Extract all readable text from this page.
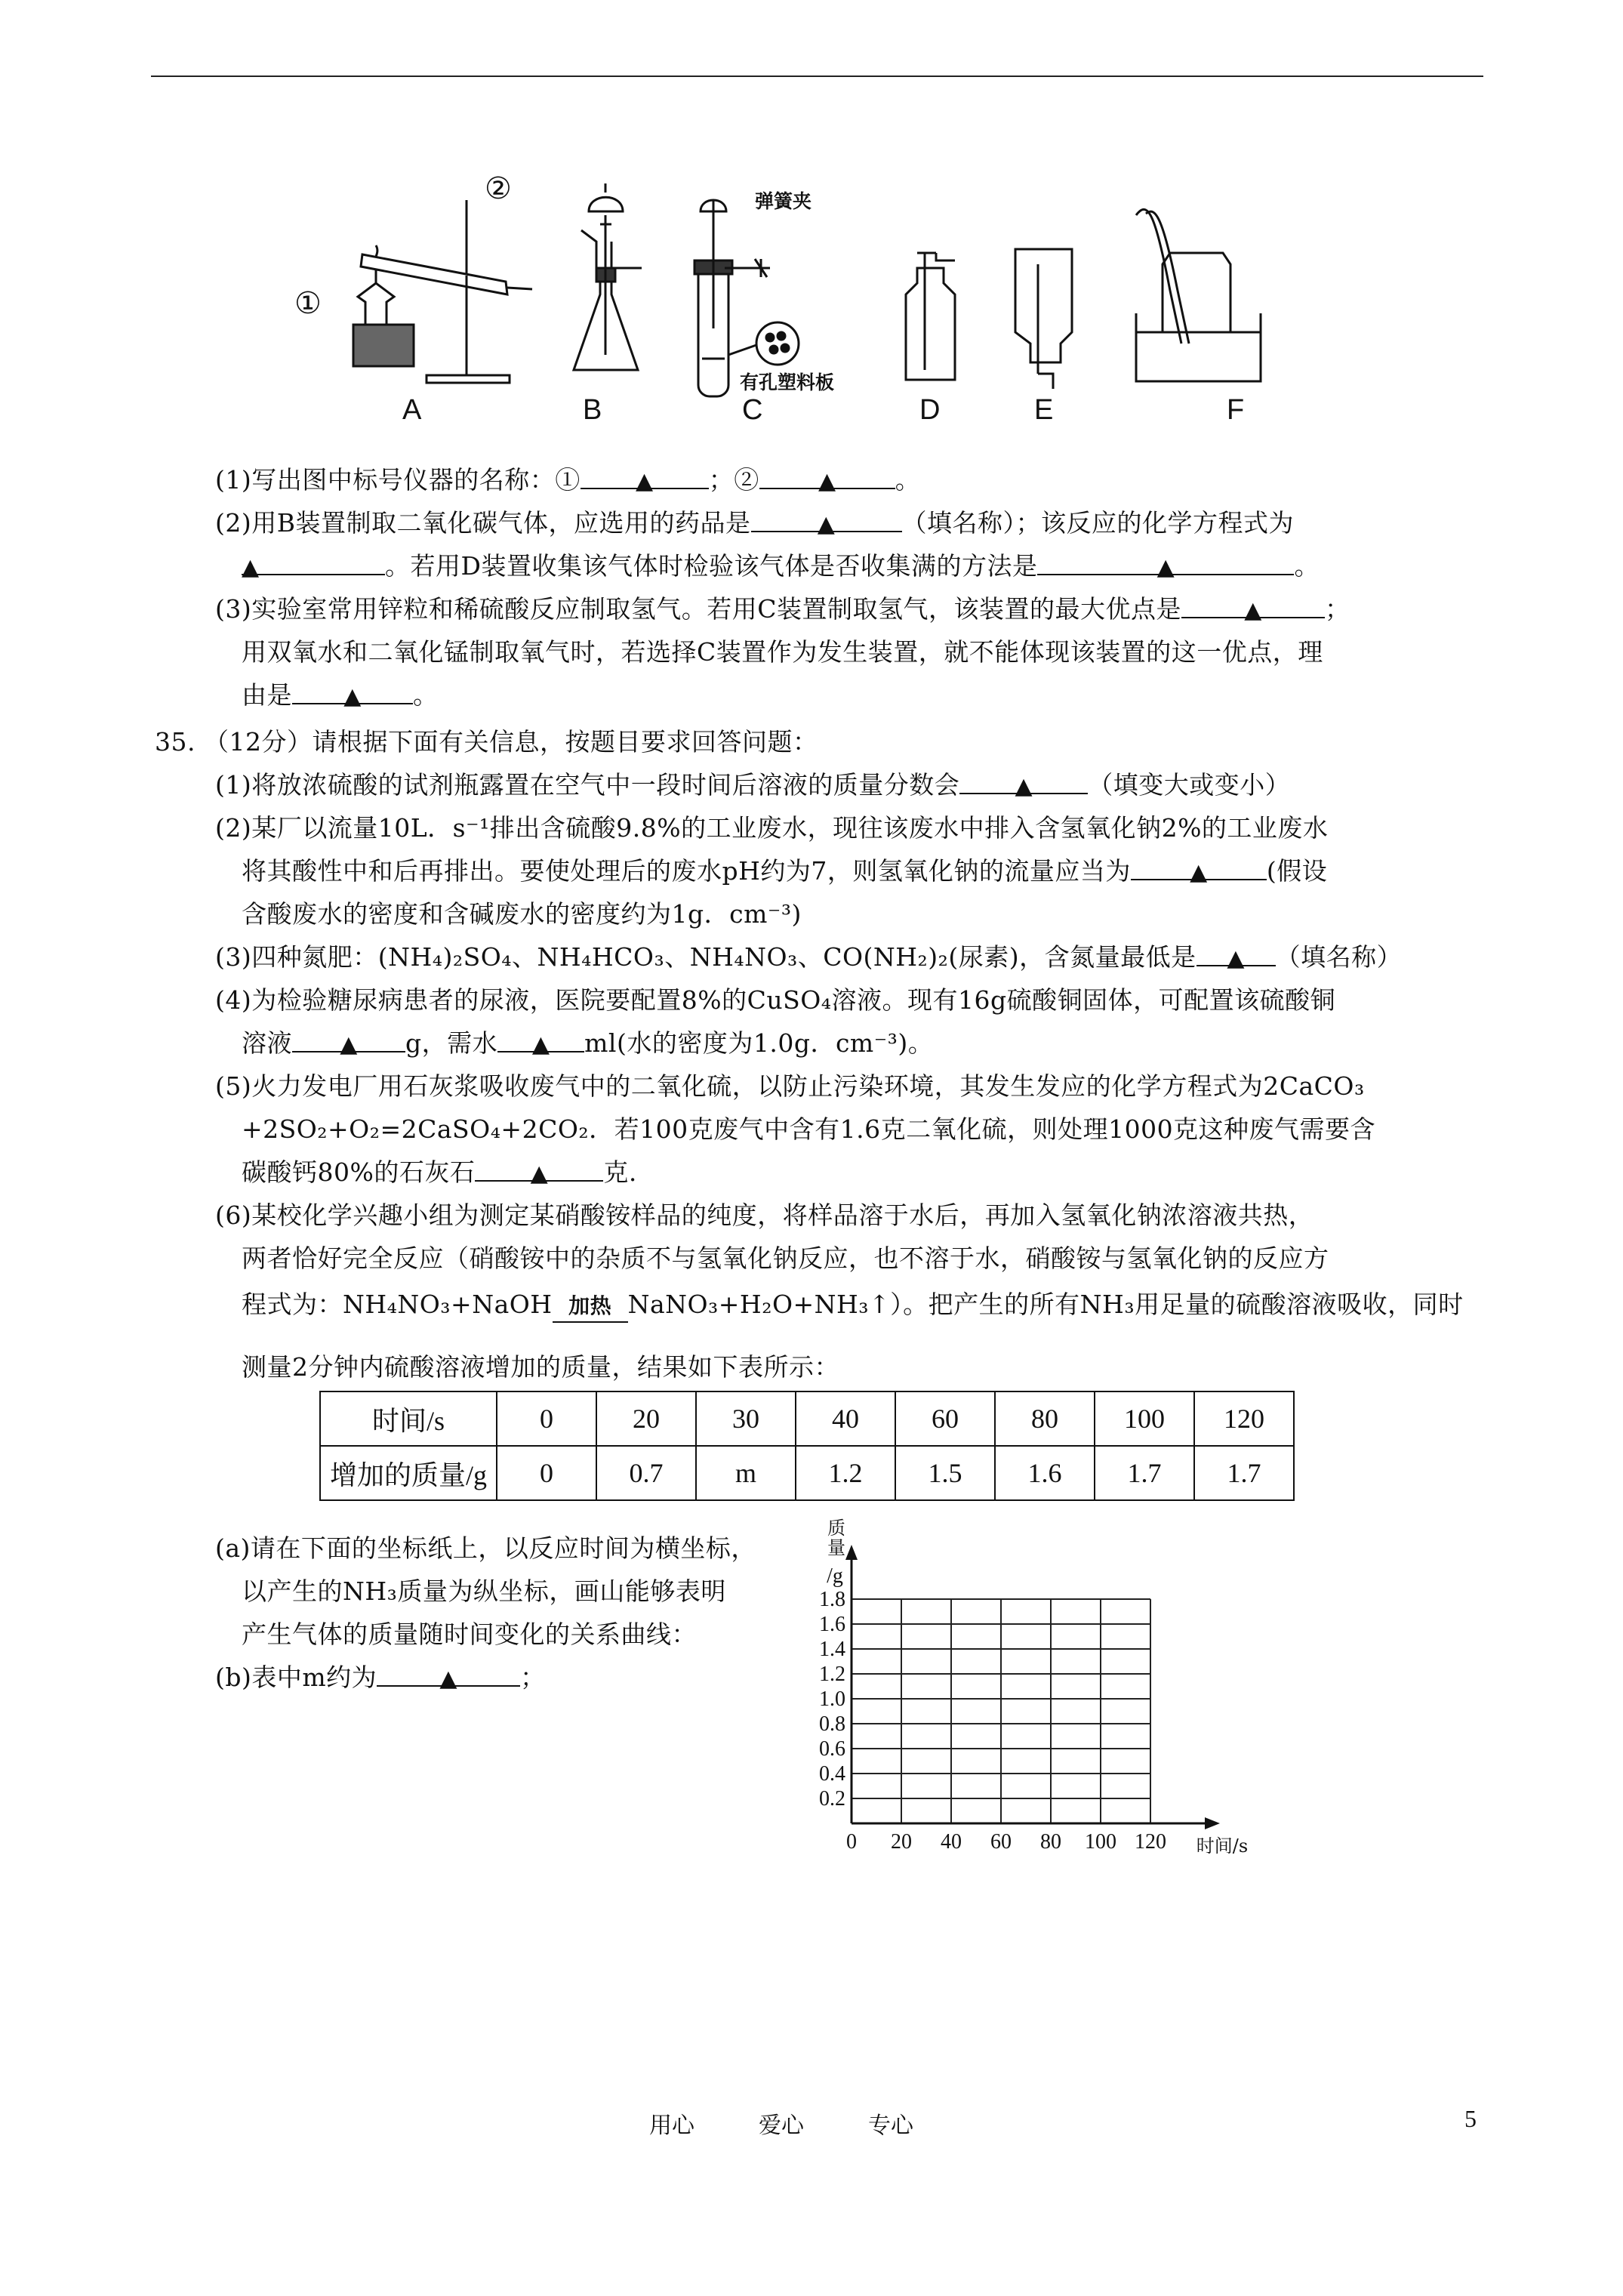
①
②	弹簧夹
有孔塑料板
A	B	C	D	E	F
(1)写出图中标号仪器的名称：① ▲ ；②	▲ 。
(2)用B装置制取二氧化碳气体，应选用的药品是	▲	（填名称）；该反应的化学方程式为
▲	。若用D装置收集该气体时检验该气体是否收集满的方法是	▲	。
(3)实验室常用锌粒和稀硫酸反应制取氢气。若用C装置制取氢气，该装置的最大优点是	▲	；
用双氧水和二氧化锰制取氧气时，若选择C装置作为发生装置，就不能体现该装置的这一优点，理
由是 ▲ 。
35. （12分）请根据下面有关信息，按题目要求回答问题：
(1)将放浓硫酸的试剂瓶露置在空气中一段时间后溶液的质量分数会 ▲ （填变大或变小）
(2)某厂以流量10L．s⁻¹排出含硫酸9.8%的工业废水，现往该废水中排入含氢氧化钠2%的工业废水
将其酸性中和后再排出。要使处理后的废水pH约为7，则氢氧化钠的流量应当为	▲ (假设
含酸废水的密度和含碱废水的密度约为1g．cm⁻³)
(3)四种氮肥：(NH₄)₂SO₄、NH₄HCO₃、NH₄NO₃、CO(NH₂)₂(尿素)，含氮量最低是 ▲ （填名称）
(4)为检验糖尿病患者的尿液，医院要配置8%的CuSO₄溶液。现有16g硫酸铜固体，可配置该硫酸铜
溶液 ▲ g，需水 ▲ ml(水的密度为1.0g．cm⁻³)。
(5)火力发电厂用石灰浆吸收废气中的二氧化硫，以防止污染环境，其发生发应的化学方程式为2CaCO₃
+2SO₂+O₂=2CaSO₄+2CO₂．若100克废气中含有1.6克二氧化硫，则处理1000克这种废气需要含
碳酸钙80%的石灰石 ▲ 克.
(6)某校化学兴趣小组为测定某硝酸铵样品的纯度，将样品溶于水后，再加入氢氧化钠浓溶液共热，
两者恰好完全反应（硝酸铵中的杂质不与氢氧化钠反应，也不溶于水，硝酸铵与氢氧化钠的反应方
程式为：NH₄NO₃+NaOH 加热 NaNO₃+H₂O+NH₃↑）。把产生的所有NH₃用足量的硫酸溶液吸收，同时
测量2分钟内硫酸溶液增加的质量，结果如下表所示：
时间/s	0	20	30	40	60	80	100	120
增加的质量/g	0	0.7	m	1.2	1.5	1.6	1.7	1.7
(a)请在下面的坐标纸上，以反应时间为横坐标，
以产生的NH₃质量为纵坐标，画山能够表明
产生气体的质量随时间变化的关系曲线：
(b)表中m约为	▲	；
1.8
1.6
1.4
1.2
1.0
0.8
0.6
0.4
0.2
0 20 40 60 80 100 120
质
量
/g
时间/s
用心	爱心	专心	5
